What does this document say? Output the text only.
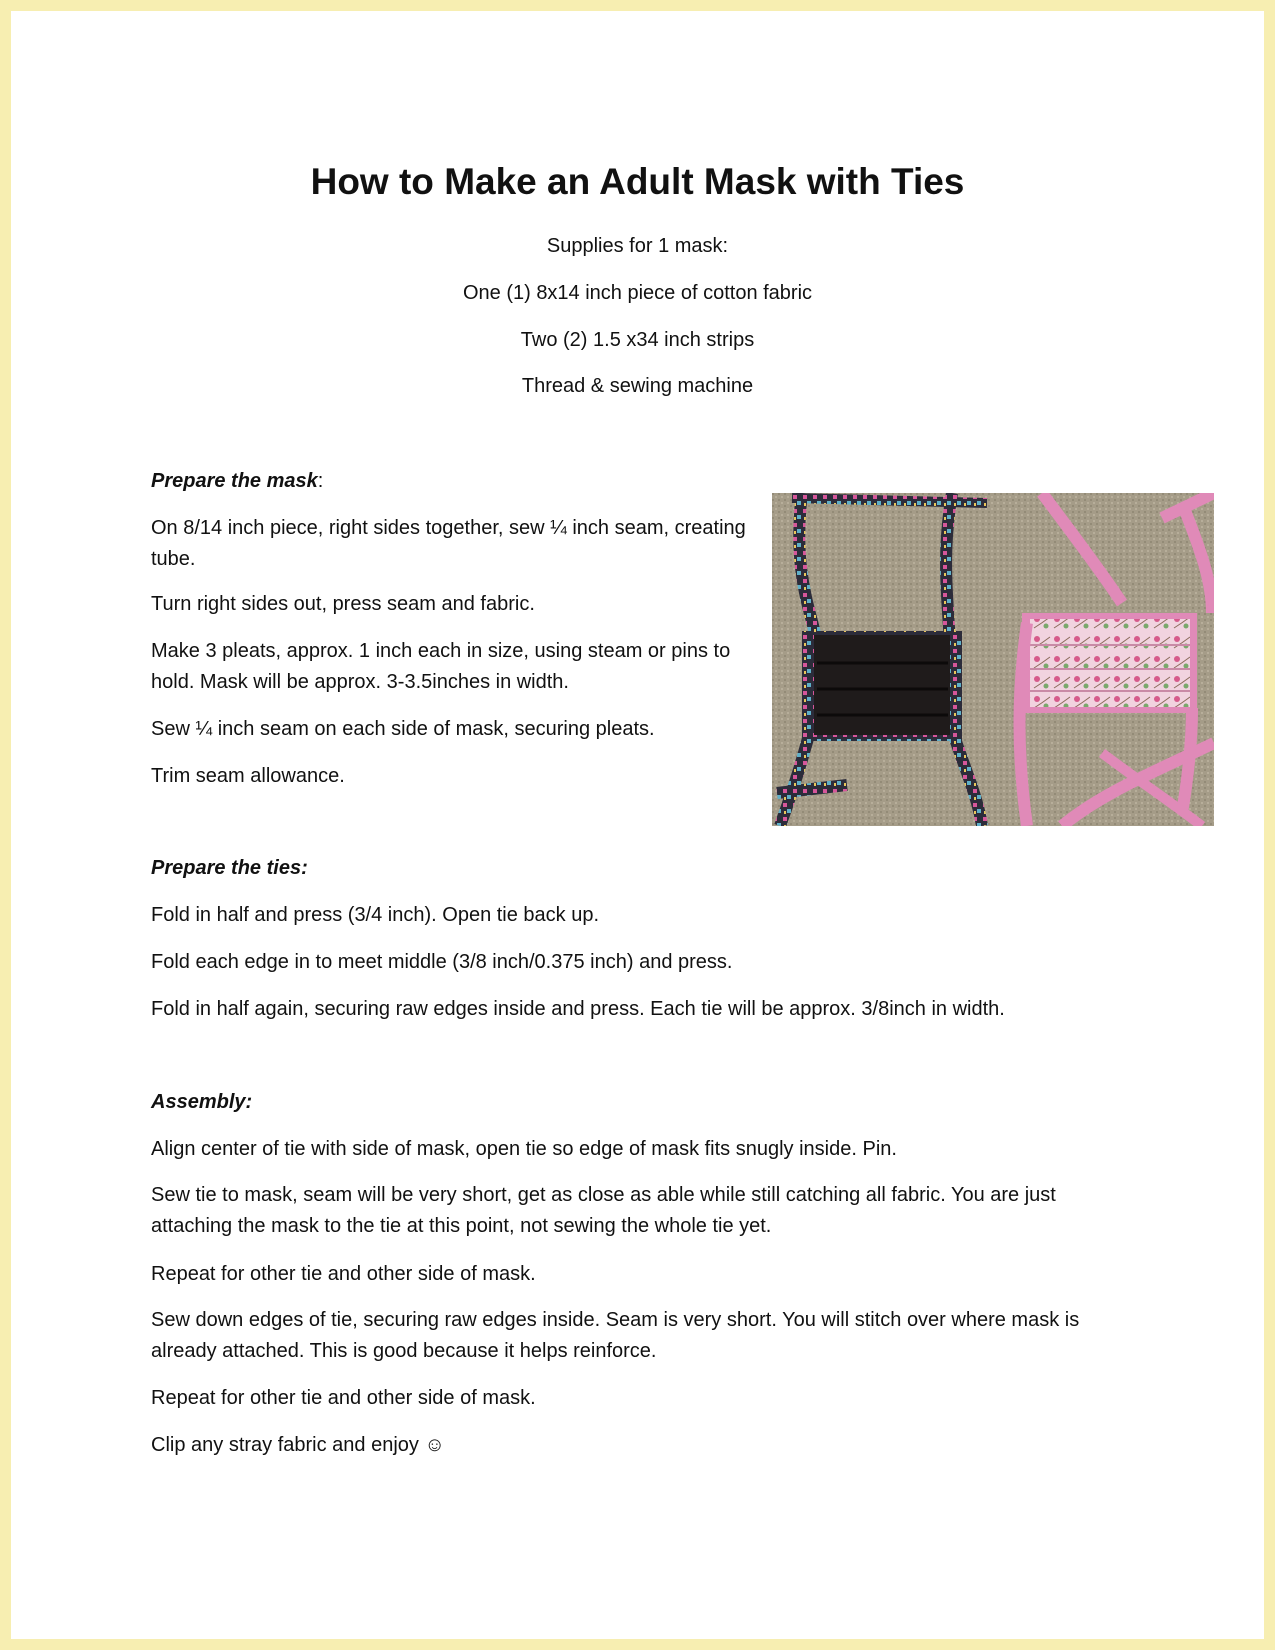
How to Make an Adult Mask with Ties

Supplies for 1 mask:

One (1) 8x14 inch piece of cotton fabric

Two (2) 1.5 x34 inch strips

Thread & sewing machine

Prepare the mask:

On 8/14 inch piece, right sides together, sew ¼ inch seam, creating tube.

Turn right sides out, press seam and fabric.

Make 3 pleats, approx. 1 inch each in size, using steam or pins to hold. Mask will be approx. 3-3.5inches in width.

Sew ¼ inch seam on each side of mask, securing pleats.

Trim seam allowance.

Prepare the ties:

Fold in half and press (3/4 inch). Open tie back up.

Fold each edge in to meet middle (3/8 inch/0.375 inch) and press.

Fold in half again, securing raw edges inside and press. Each tie will be approx. 3/8inch in width.

Assembly:

Align center of tie with side of mask, open tie so edge of mask fits snugly inside. Pin.

Sew tie to mask, seam will be very short, get as close as able while still catching all fabric. You are just attaching the mask to the tie at this point, not sewing the whole tie yet.

Repeat for other tie and other side of mask.

Sew down edges of tie, securing raw edges inside. Seam is very short. You will stitch over where mask is already attached. This is good because it helps reinforce.

Repeat for other tie and other side of mask.

Clip any stray fabric and enjoy ☺
